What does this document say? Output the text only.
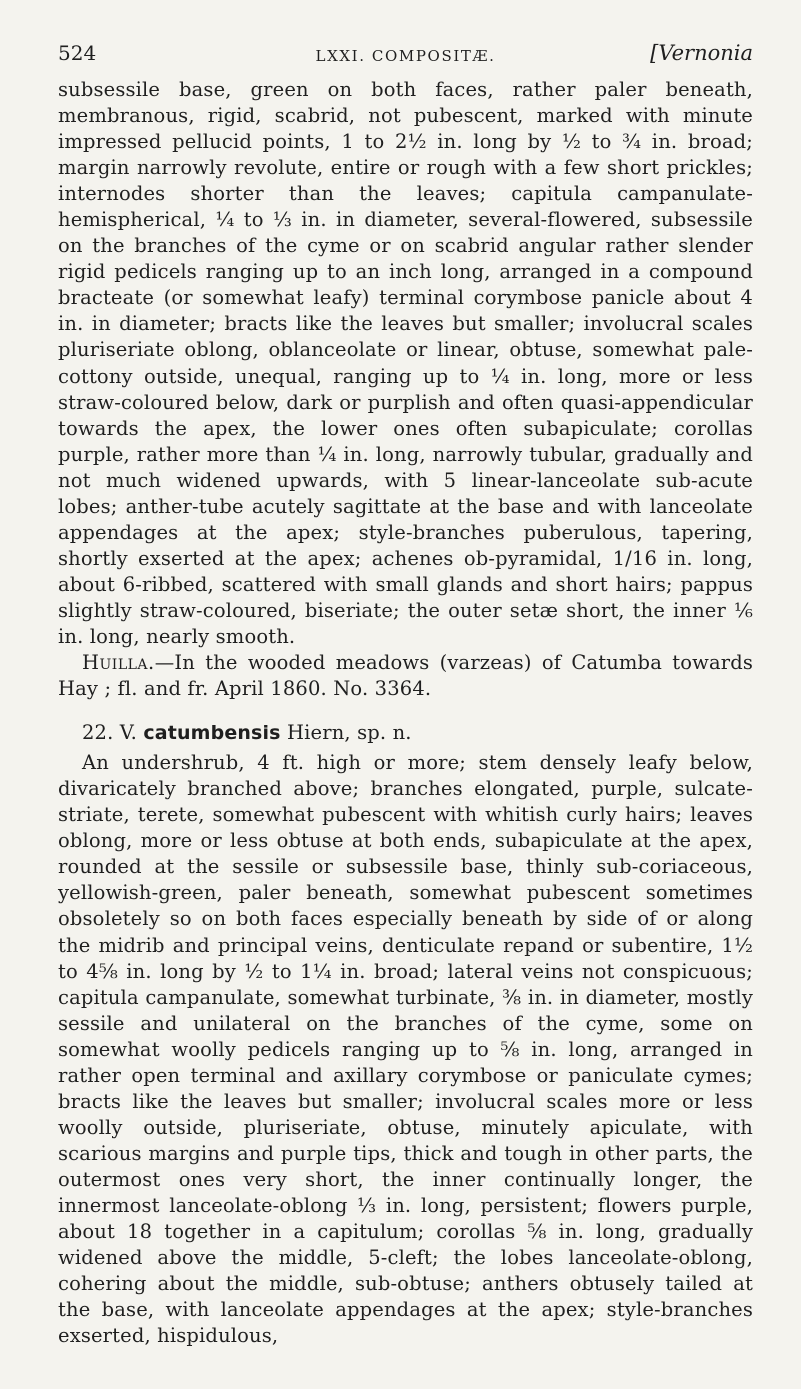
524	LXXI. COMPOSITÆ.	[Vernonia

subsessile base, green on both faces, rather paler beneath, membranous, rigid, scabrid, not pubescent, marked with minute impressed pellucid points, 1 to 2½ in. long by ½ to ¾ in. broad; margin narrowly revolute, entire or rough with a few short prickles; internodes shorter than the leaves; capitula campanulate-hemispherical, ¼ to ⅓ in. in diameter, several-flowered, subsessile on the branches of the cyme or on scabrid angular rather slender rigid pedicels ranging up to an inch long, arranged in a compound bracteate (or somewhat leafy) terminal corymbose panicle about 4 in. in diameter; bracts like the leaves but smaller; involucral scales pluriseriate oblong, oblanceolate or linear, obtuse, somewhat pale-cottony outside, unequal, ranging up to ¼ in. long, more or less straw-coloured below, dark or purplish and often quasi-appendicular towards the apex, the lower ones often subapiculate; corollas purple, rather more than ¼ in. long, narrowly tubular, gradually and not much widened upwards, with 5 linear-lanceolate sub-acute lobes; anther-tube acutely sagittate at the base and with lanceolate appendages at the apex; style-branches puberulous, tapering, shortly exserted at the apex; achenes ob-pyramidal, 1/16 in. long, about 6-ribbed, scattered with small glands and short hairs; pappus slightly straw-coloured, biseriate; the outer setæ short, the inner ⅙ in. long, nearly smooth.

Huilla.—In the wooded meadows (varzeas) of Catumba towards Hay ; fl. and fr. April 1860. No. 3364.

22. V. catumbensis Hiern, sp. n.

An undershrub, 4 ft. high or more; stem densely leafy below, divaricately branched above; branches elongated, purple, sulcate-striate, terete, somewhat pubescent with whitish curly hairs; leaves oblong, more or less obtuse at both ends, subapiculate at the apex, rounded at the sessile or subsessile base, thinly sub-coriaceous, yellowish-green, paler beneath, somewhat pubescent sometimes obsoletely so on both faces especially beneath by side of or along the midrib and principal veins, denticulate repand or subentire, 1½ to 4⅝ in. long by ½ to 1¼ in. broad; lateral veins not conspicuous; capitula campanulate, somewhat turbinate, ⅜ in. in diameter, mostly sessile and unilateral on the branches of the cyme, some on somewhat woolly pedicels ranging up to ⅝ in. long, arranged in rather open terminal and axillary corymbose or paniculate cymes; bracts like the leaves but smaller; involucral scales more or less woolly outside, pluriseriate, obtuse, minutely apiculate, with scarious margins and purple tips, thick and tough in other parts, the outermost ones very short, the inner continually longer, the innermost lanceolate-oblong ⅓ in. long, persistent; flowers purple, about 18 together in a capitulum; corollas ⅝ in. long, gradually widened above the middle, 5-cleft; the lobes lanceolate-oblong, cohering about the middle, sub-obtuse; anthers obtusely tailed at the base, with lanceolate appendages at the apex; style-branches exserted, hispidulous,
